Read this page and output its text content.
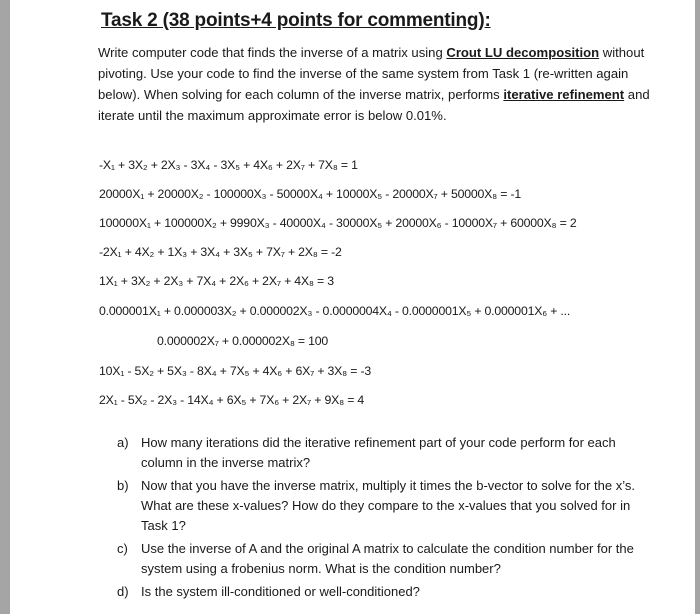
Task 2 (38 points+4 points for commenting):
Write computer code that finds the inverse of a matrix using Crout LU decomposition without pivoting. Use your code to find the inverse of the same system from Task 1 (re-written again below). When solving for each column of the inverse matrix, performs iterative refinement and iterate until the maximum approximate error is below 0.01%.
-X₁ + 3X₂ + 2X₃ - 3X₄ - 3X₅ + 4X₆ + 2X₇ + 7X₈ = 1
20000X₁ + 20000X₂ - 100000X₃ - 50000X₄ + 10000X₅ - 20000X₇ + 50000X₈ = -1
100000X₁ + 100000X₂ + 9990X₃ - 40000X₄ - 30000X₅ + 20000X₆ - 10000X₇ + 60000X₈ = 2
-2X₁ + 4X₂ + 1X₃ + 3X₄ + 3X₅ + 7X₇ + 2X₈ = -2
1X₁ + 3X₂ + 2X₃ + 7X₄ + 2X₆ + 2X₇ + 4X₈ = 3
0.000001X₁ + 0.000003X₂ + 0.000002X₃ - 0.0000004X₄ - 0.0000001X₅ + 0.000001X₆ + ...
0.000002X₇ + 0.000002X₈ = 100
10X₁ - 5X₂ + 5X₃ - 8X₄ + 7X₅ + 4X₆ + 6X₇ + 3X₈ = -3
2X₁ - 5X₂ - 2X₃ - 14X₄ + 6X₅ + 7X₆ + 2X₇ + 9X₈ = 4
a) How many iterations did the iterative refinement part of your code perform for each column in the inverse matrix?
b) Now that you have the inverse matrix, multiply it times the b-vector to solve for the x’s. What are these x-values? How do they compare to the x-values that you solved for in Task 1?
c)	Use the inverse of A and the original A matrix to calculate the condition number for the system using a frobenius norm. What is the condition number?
d) Is the system ill-conditioned or well-conditioned?
